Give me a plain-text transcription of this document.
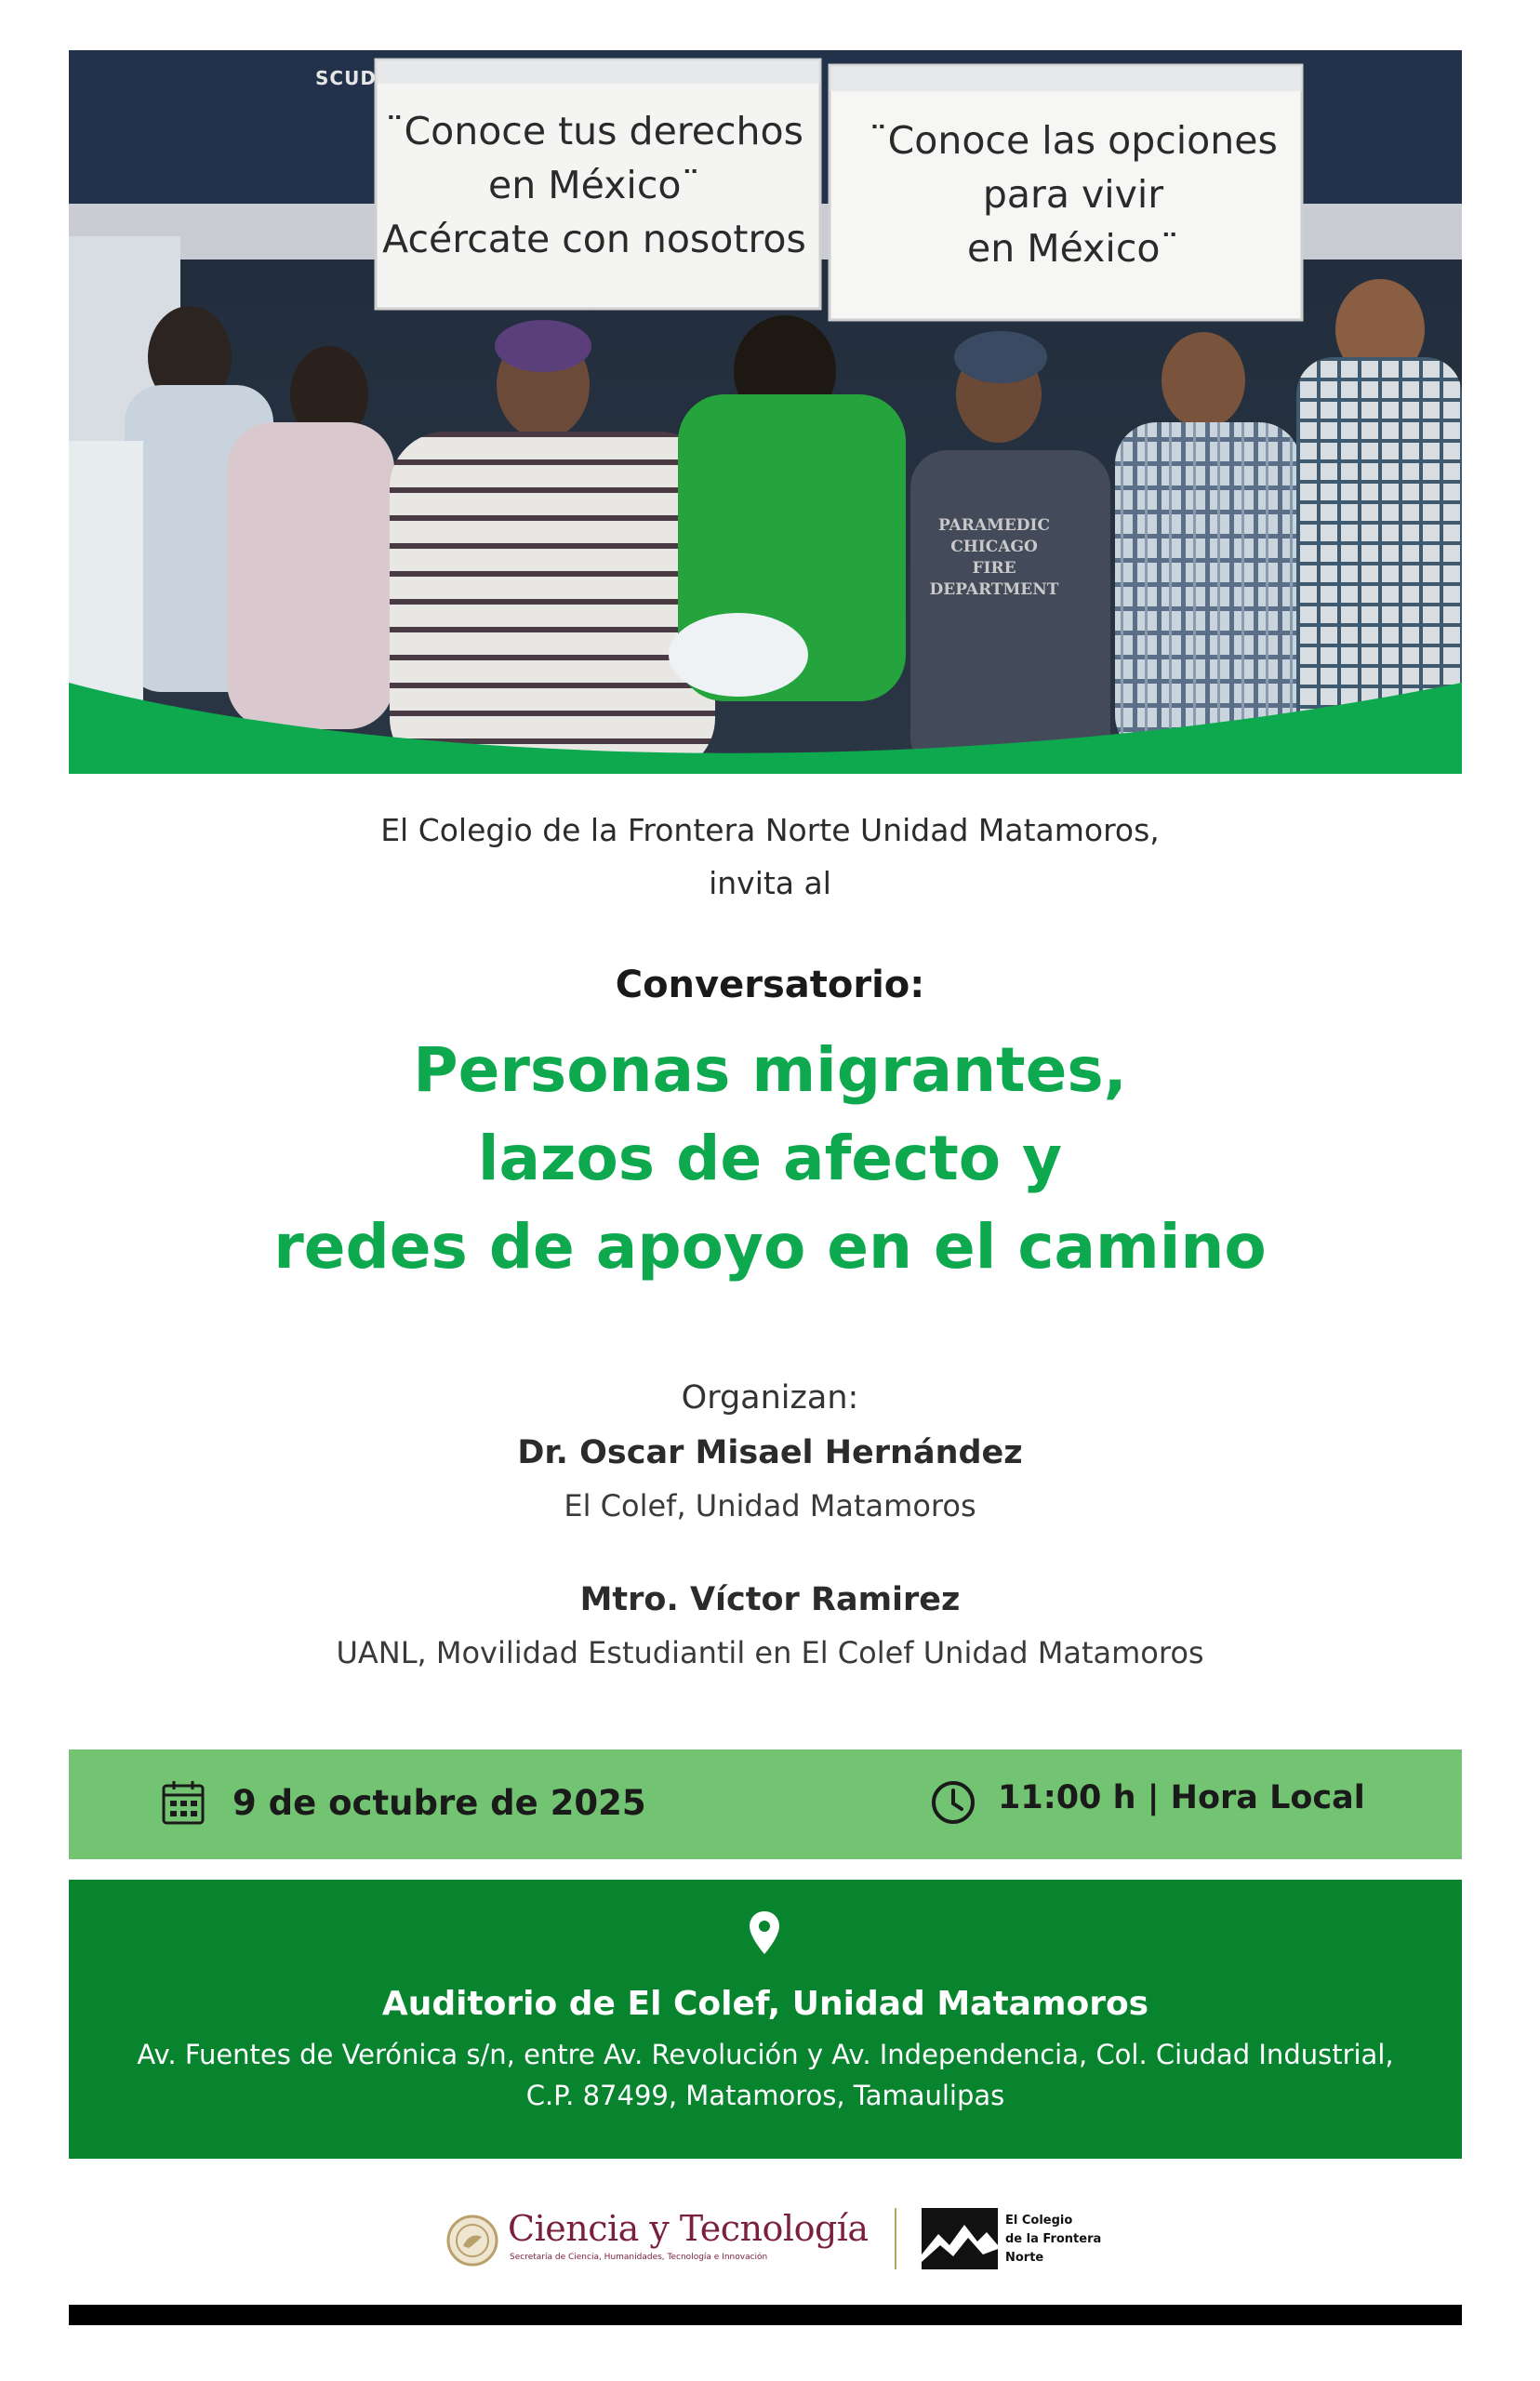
SCUD
¨Conoce tus derechos
en México¨
Acércate con nosotros
¨Conoce las opciones
para vivir
en México¨
PARAMEDIC
CHICAGO
FIRE
DEPARTMENT
El Colegio de la Frontera Norte Unidad Matamoros,
invita al
Conversatorio:
Personas migrantes,
lazos de afecto y
redes de apoyo en el camino
Organizan:
Dr. Oscar Misael Hernández
El Colef, Unidad Matamoros
Mtro. Víctor Ramirez
UANL, Movilidad Estudiantil en El Colef Unidad Matamoros
9 de octubre de 2025	11:00 h | Hora Local
Auditorio de El Colef, Unidad Matamoros
Av. Fuentes de Verónica s/n, entre Av. Revolución y Av. Independencia, Col. Ciudad Industrial,
C.P. 87499, Matamoros, Tamaulipas
Ciencia y Tecnología
Secretaría de Ciencia, Humanidades, Tecnología e Innovación
El Colegio
de la Frontera
Norte
